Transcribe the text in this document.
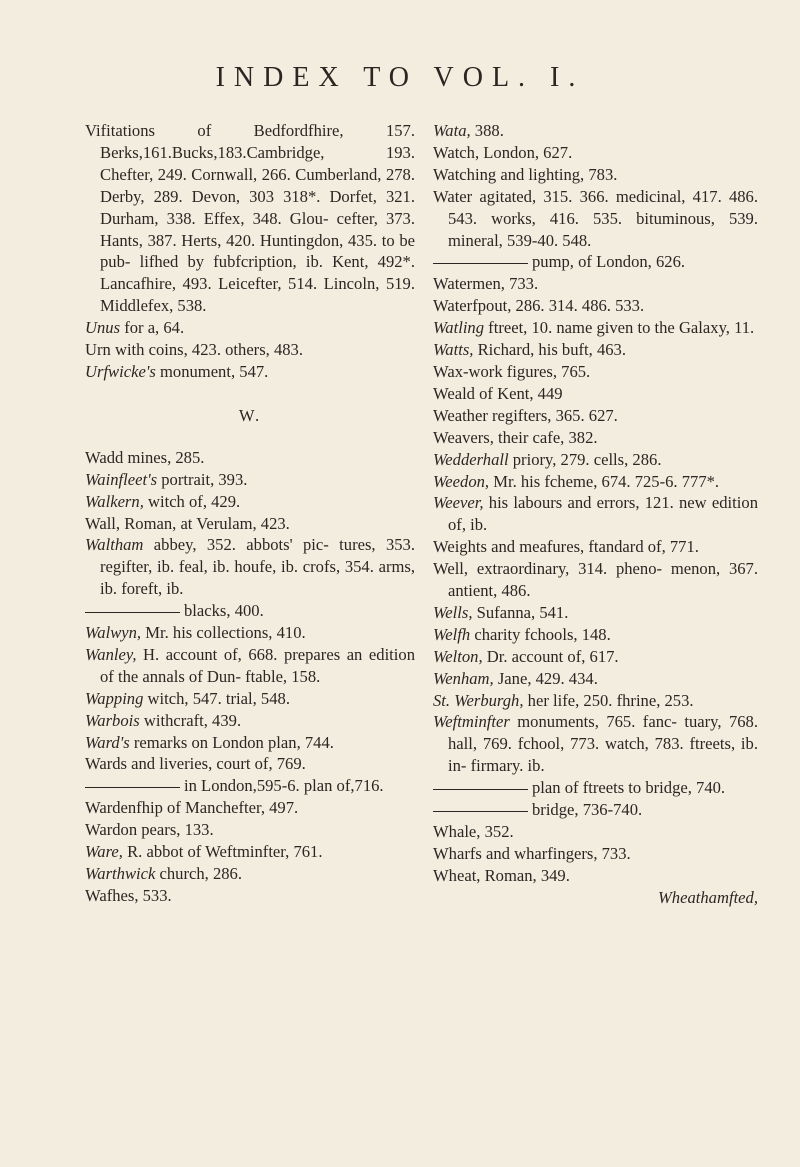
INDEX TO VOL. I.

Vifitations of Bedfordfhire, 157. Berks,161.Bucks,183.Cambridge, 193. Chefter, 249. Cornwall, 266. Cumberland, 278. Derby, 289. Devon, 303 318*. Dorfet, 321. Durham, 338. Effex, 348. Glou- cefter, 373. Hants, 387. Herts, 420. Huntingdon, 435. to be pub- lifhed by fubfcription, ib. Kent, 492*. Lancafhire, 493. Leicefter, 514. Lincoln, 519. Middlefex, 538.

Unus for a, 64.

Urn with coins, 423. others, 483.

Urfwicke's monument, 547.

W.

Wadd mines, 285.

Wainfleet's portrait, 393.

Walkern, witch of, 429.

Wall, Roman, at Verulam, 423.

Waltham abbey, 352. abbots' pic- tures, 353. regifter, ib. feal, ib. houfe, ib. crofs, 354. arms, ib. foreft, ib.

blacks, 400.

Walwyn, Mr. his collections, 410.

Wanley, H. account of, 668. prepares an edition of the annals of Dun- ftable, 158.

Wapping witch, 547. trial, 548.

Warbois withcraft, 439.

Ward's remarks on London plan, 744.

Wards and liveries, court of, 769.

in London,595-6. plan of,716.

Wardenfhip of Manchefter, 497.

Wardon pears, 133.

Ware, R. abbot of Weftminfter, 761.

Warthwick church, 286.

Wafhes, 533.

Wata, 388.

Watch, London, 627.

Watching and lighting, 783.

Water agitated, 315. 366. medicinal, 417. 486. 543. works, 416. 535. bituminous, 539. mineral, 539-40. 548.

pump, of London, 626.

Watermen, 733.

Waterfpout, 286. 314. 486. 533.

Watling ftreet, 10. name given to the Galaxy, 11.

Watts, Richard, his buft, 463.

Wax-work figures, 765.

Weald of Kent, 449

Weather regifters, 365. 627.

Weavers, their cafe, 382.

Wedderhall priory, 279. cells, 286.

Weedon, Mr. his fcheme, 674. 725-6. 777*.

Weever, his labours and errors, 121. new edition of, ib.

Weights and meafures, ftandard of, 771.

Well, extraordinary, 314. pheno- menon, 367. antient, 486.

Wells, Sufanna, 541.

Welfh charity fchools, 148.

Welton, Dr. account of, 617.

Wenham, Jane, 429. 434.

St. Werburgh, her life, 250. fhrine, 253.

Weftminfter monuments, 765. fanc- tuary, 768. hall, 769. fchool, 773. watch, 783. ftreets, ib. in- firmary. ib.

plan of ftreets to bridge, 740.

bridge, 736-740.

Whale, 352.

Wharfs and wharfingers, 733.

Wheat, Roman, 349.

Wheathamfted,
